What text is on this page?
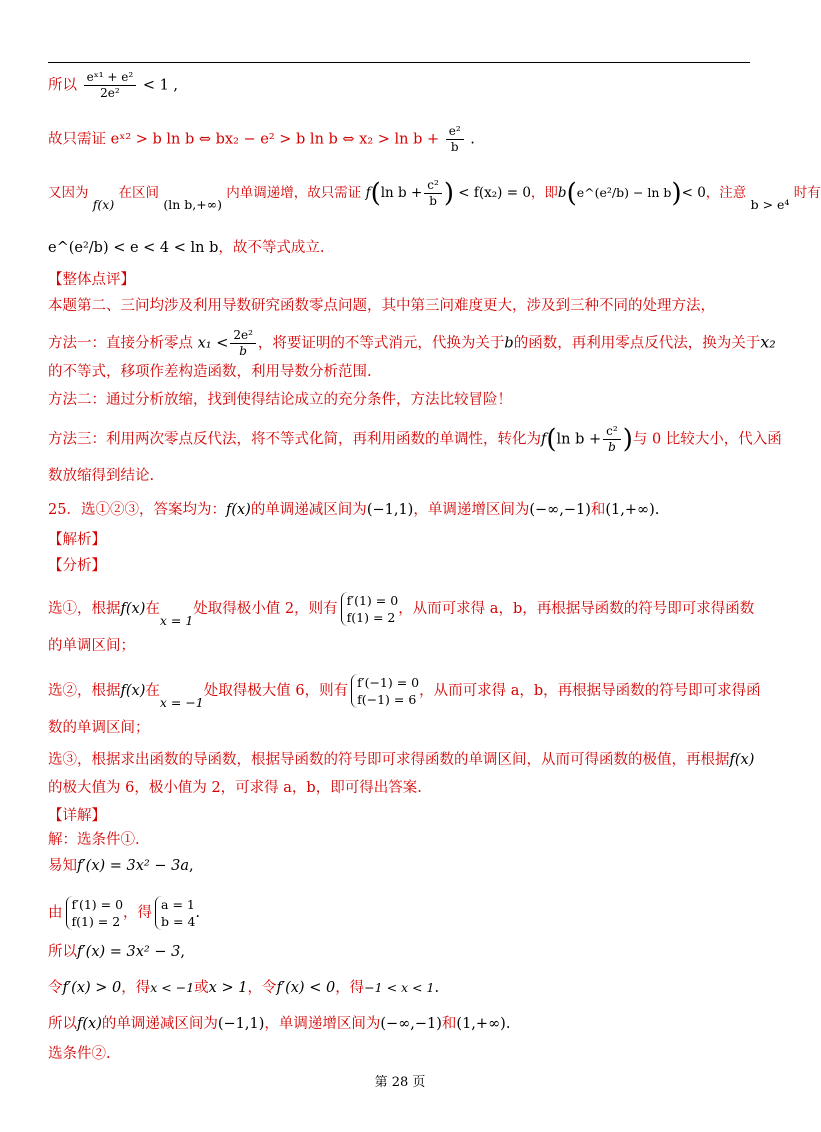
所以 $\frac{\text{eˣ¹ + e²}}{\text{2e²}} < 1$ ,
故只需证 eˣ² > b ln b ⇔ bx₂ − e² > b ln b ⇔ $x_2 > \ln b + \frac{\text{e²}}{b}$ .
又因为 f(x) 在区间 (ln b,+∞) 内单调递增，故只需证 f(ln $b + \frac{\text{c²}}{b}$ ) < f(x₂) = 0，即b(e^(e²/b) − ln b)< 0，注意 b > e⁴ 时有
e^(e²/b) < e < 4 < ln b，故不等式成立.
【整体点评】
本题第二、三问均涉及利用导数研究函数零点问题，其中第三问难度更大，涉及到三种不同的处理方法，
方法一：直接分析零点 $x_1 < \frac{\text{2e²}}{b}$ ，将要证明的不等式消元，代换为关于b的函数，再利用零点反代法，换为关于x₂
的不等式，移项作差构造函数，利用导数分析范围.
方法二：通过分析放缩，找到使得结论成立的充分条件，方法比较冒险！
方法三：利用两次零点反代法，将不等式化简，再利用函数的单调性，转化为f(ln $b + \frac{\text{c²}}{b}$ )与 0 比较大小，代入函
数放缩得到结论.
25．选①②③，答案均为：f(x)的单调递减区间为(−1,1)，单调递增区间为(−∞,−1)和(1,+∞).
【解析】
【分析】
选①，根据f(x)在x = 1处取得极小值 2，则有
f′(1) = 0
f(1) = 2
，从而可求得 a，b，再根据导函数的符号即可求得函数
的单调区间；
选②，根据f(x)在x = −1处取得极大值 6，则有
f′(−1) = 0
f(−1) = 6
，从而可求得 a，b，再根据导函数的符号即可求得函
数的单调区间；
选③，根据求出函数的导函数，根据导函数的符号即可求得函数的单调区间，从而可得函数的极值，再根据f(x)
的极大值为 6，极小值为 2，可求得 a，b，即可得出答案.
【详解】
解：选条件①.
易知f′(x) = 3x² − 3a,
由
f′(1) = 0
f(1) = 2
，得
a = 1
b = 4
.
所以f′(x) = 3x² − 3,
令f′(x) > 0，得x < −1或x > 1，令f′(x) < 0，得−1 < x < 1.
所以f(x)的单调递减区间为(−1,1)，单调递增区间为(−∞,−1)和(1,+∞).
选条件②.
第 28 页
